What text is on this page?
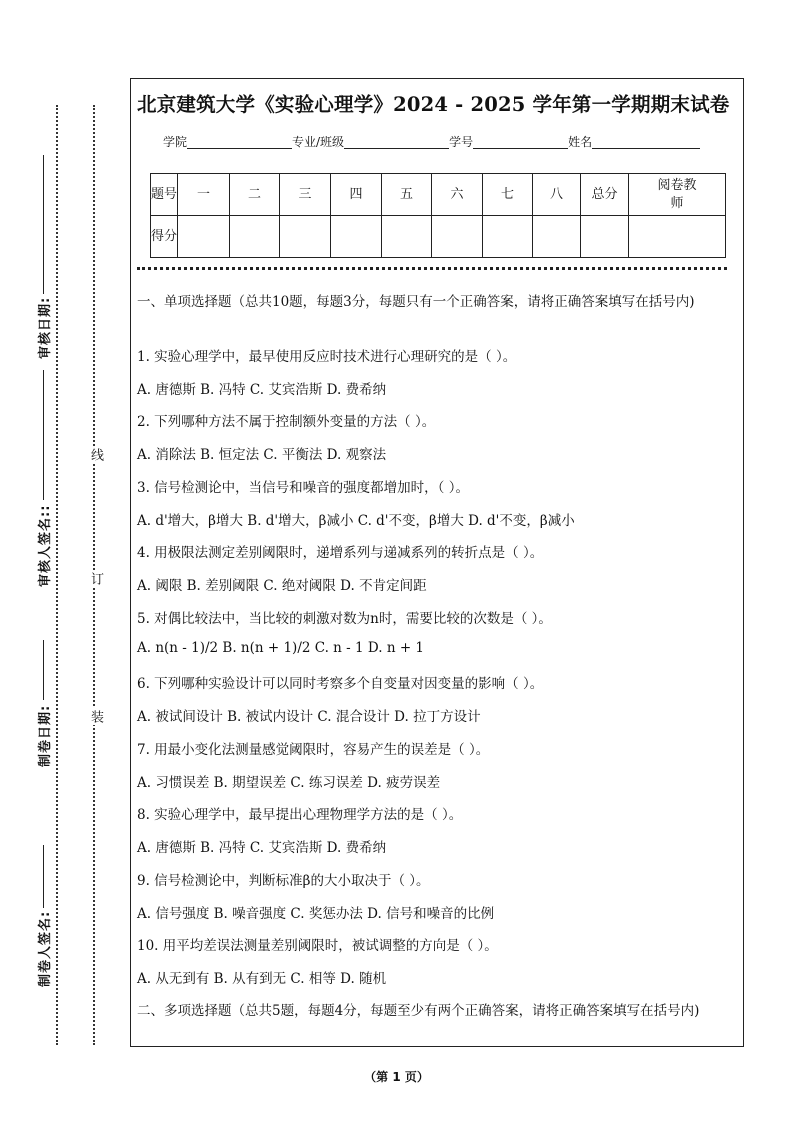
审核日期:
审核人签名::
制卷日期:
制卷人签名:
线
订
装
北京建筑大学《实验心理学》2024 - 2025 学年第一学期期末试卷
学院	专业/班级	学号	姓名
题号	一	二	三	四	五	六	七	八	总分	阅卷教师
得分										
一、单项选择题（总共10题，每题3分，每题只有一个正确答案，请将正确答案填写在括号内)
1. 实验心理学中，最早使用反应时技术进行心理研究的是（ ）。
A. 唐德斯 B. 冯特 C. 艾宾浩斯 D. 费希纳
2. 下列哪种方法不属于控制额外变量的方法（ ）。
A. 消除法 B. 恒定法 C. 平衡法 D. 观察法
3. 信号检测论中，当信号和噪音的强度都增加时，（ ）。
A. d'增大，β增大 B. d'增大，β减小 C. d'不变，β增大 D. d'不变，β减小
4. 用极限法测定差别阈限时，递增系列与递减系列的转折点是（ ）。
A. 阈限 B. 差别阈限 C. 绝对阈限 D. 不肯定间距
5. 对偶比较法中，当比较的刺激对数为n时，需要比较的次数是（ ）。
A. n(n - 1)/2 B. n(n + 1)/2 C. n - 1 D. n + 1
6. 下列哪种实验设计可以同时考察多个自变量对因变量的影响（ ）。
A. 被试间设计 B. 被试内设计 C. 混合设计 D. 拉丁方设计
7. 用最小变化法测量感觉阈限时，容易产生的误差是（ ）。
A. 习惯误差 B. 期望误差 C. 练习误差 D. 疲劳误差
8. 实验心理学中，最早提出心理物理学方法的是（ ）。
A. 唐德斯 B. 冯特 C. 艾宾浩斯 D. 费希纳
9. 信号检测论中，判断标准β的大小取决于（ ）。
A. 信号强度 B. 噪音强度 C. 奖惩办法 D. 信号和噪音的比例
10. 用平均差误法测量差别阈限时，被试调整的方向是（ ）。
A. 从无到有 B. 从有到无 C. 相等 D. 随机
二、多项选择题（总共5题，每题4分，每题至少有两个正确答案，请将正确答案填写在括号内)
（第 1 页）
